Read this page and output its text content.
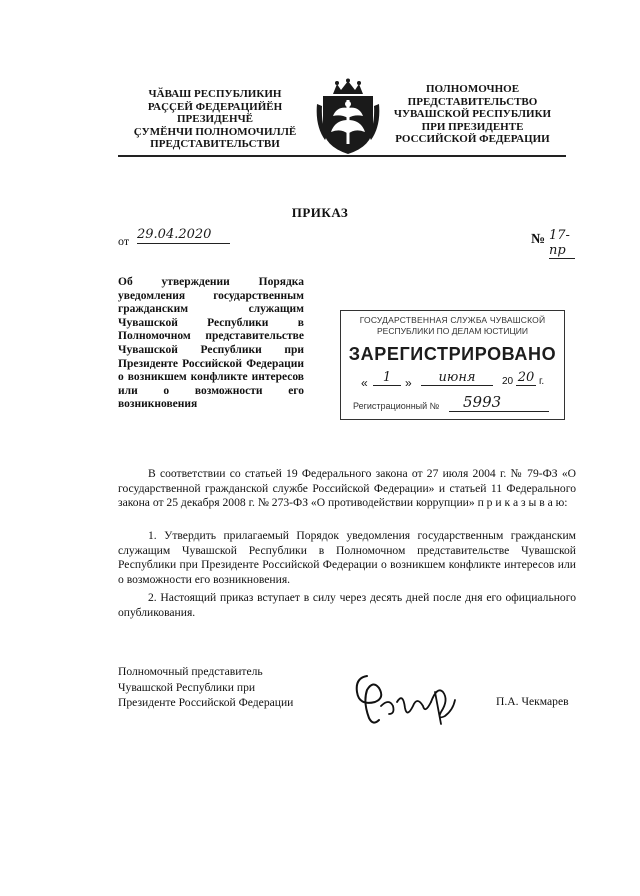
ЧӐВАШ РЕСПУБЛИКИН
РАҪҪЕЙ ФЕДЕРАЦИЙӖН
ПРЕЗИДЕНЧӖ
ҪУМӖНЧИ ПОЛНОМОЧИЛЛӖ
ПРЕДСТАВИТЕЛЬСТВИ
ПОЛНОМОЧНОЕ
ПРЕДСТАВИТЕЛЬСТВО
ЧУВАШСКОЙ РЕСПУБЛИКИ
ПРИ ПРЕЗИДЕНТЕ
РОССИЙСКОЙ ФЕДЕРАЦИИ
ПРИКАЗ
от 29.04.2020	№ 17-пр
Об утверждении Порядка уведомления государственным гражданским служащим Чувашской Республики в Полномочном представительстве Чувашской Республики при Президенте Российской Федерации о возникшем конфликте интересов или о возможности его возникновения
ГОСУДАРСТВЕННАЯ СЛУЖБА ЧУВАШСКОЙ
РЕСПУБЛИКИ ПО ДЕЛАМ ЮСТИЦИИ
ЗАРЕГИСТРИРОВАНО
«	1	»	июня	20 20 г.
Регистрационный №	5993
В соответствии со статьей 19 Федерального закона от 27 июля 2004 г. № 79-ФЗ «О государственной гражданской службе Российской Федерации» и статьей 11 Федерального закона от 25 декабря 2008 г. № 273-ФЗ «О противодействии коррупции» п р и к а з ы в а ю:
1. Утвердить прилагаемый Порядок уведомления государственным гражданским служащим Чувашской Республики в Полномочном представительстве Чувашской Республики при Президенте Российской Федерации о возникшем конфликте интересов или о возможности его возникновения.
2. Настоящий приказ вступает в силу через десять дней после дня его официального опубликования.
Полномочный представитель
Чувашской Республики при
Президенте Российской Федерации	П.А. Чекмарев
